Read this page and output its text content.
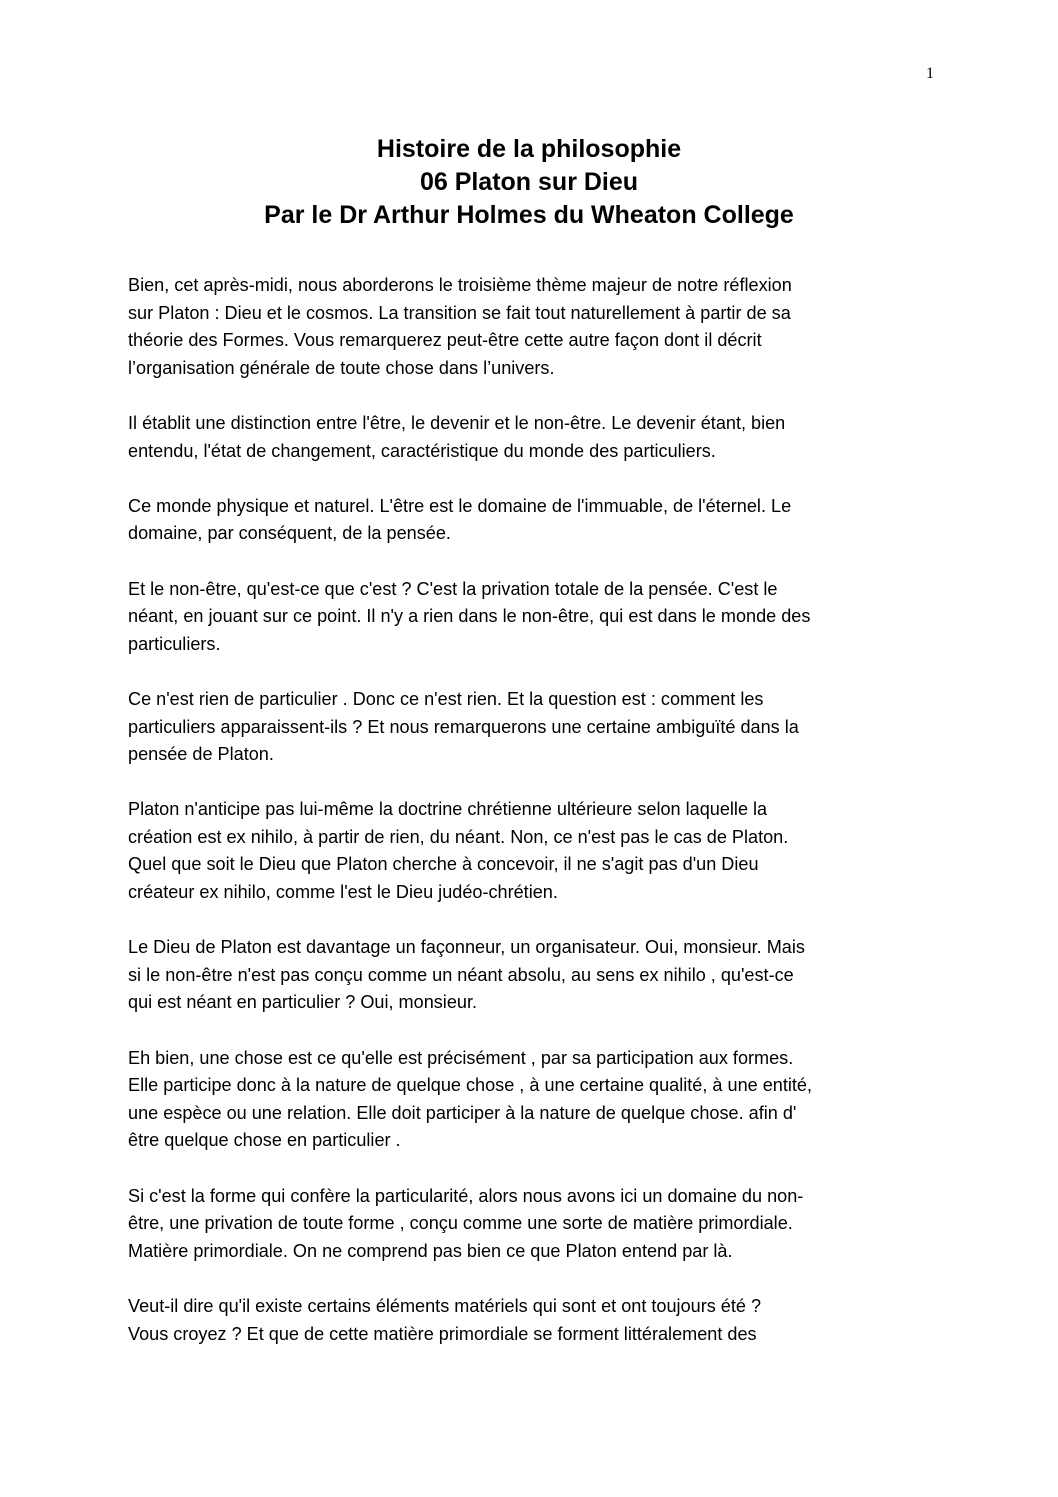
1
Histoire de la philosophie
06 Platon sur Dieu
Par le Dr Arthur Holmes du Wheaton College

Bien, cet après-midi, nous aborderons le troisième thème majeur de notre réflexion
sur Platon : Dieu et le cosmos. La transition se fait tout naturellement à partir de sa
théorie des Formes. Vous remarquerez peut-être cette autre façon dont il décrit
l’organisation générale de toute chose dans l’univers.

Il établit une distinction entre l'être, le devenir et le non-être. Le devenir étant, bien
entendu, l'état de changement, caractéristique du monde des particuliers.

Ce monde physique et naturel. L'être est le domaine de l'immuable, de l'éternel. Le
domaine, par conséquent, de la pensée.

Et le non-être, qu'est-ce que c'est ? C'est la privation totale de la pensée. C'est le
néant, en jouant sur ce point. Il n'y a rien dans le non-être, qui est dans le monde des
particuliers.

Ce n'est rien de particulier . Donc ce n'est rien. Et la question est : comment les
particuliers apparaissent-ils ? Et nous remarquerons une certaine ambiguïté dans la
pensée de Platon.

Platon n'anticipe pas lui-même la doctrine chrétienne ultérieure selon laquelle la
création est ex nihilo, à partir de rien, du néant. Non, ce n'est pas le cas de Platon.
Quel que soit le Dieu que Platon cherche à concevoir, il ne s'agit pas d'un Dieu
créateur ex nihilo, comme l'est le Dieu judéo-chrétien.

Le Dieu de Platon est davantage un façonneur, un organisateur. Oui, monsieur. Mais
si le non-être n'est pas conçu comme un néant absolu, au sens ex nihilo , qu'est-ce
qui est néant en particulier ? Oui, monsieur.

Eh bien, une chose est ce qu'elle est précisément , par sa participation aux formes.
Elle participe donc à la nature de quelque chose , à une certaine qualité, à une entité,
une espèce ou une relation. Elle doit participer à la nature de quelque chose. afin d'
être quelque chose en particulier .

Si c'est la forme qui confère la particularité, alors nous avons ici un domaine du non-
être, une privation de toute forme , conçu comme une sorte de matière primordiale.
Matière primordiale. On ne comprend pas bien ce que Platon entend par là.

Veut-il dire qu'il existe certains éléments matériels qui sont et ont toujours été ?
Vous croyez ? Et que de cette matière primordiale se forment littéralement des
